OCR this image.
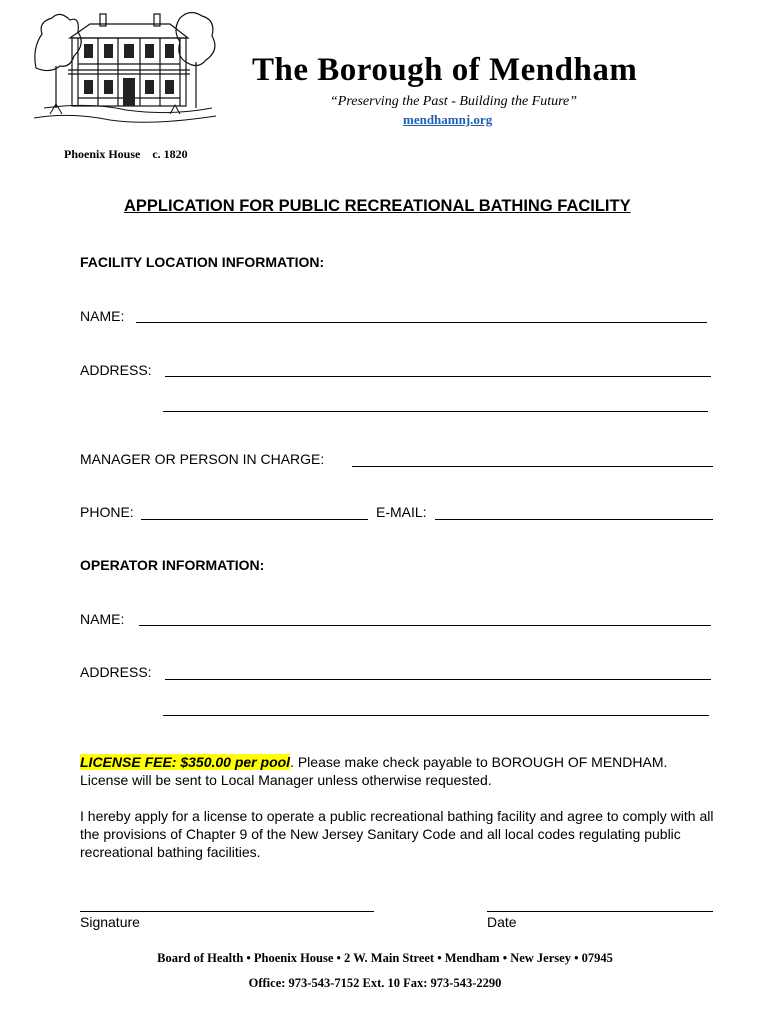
The Borough of Mendham
“Preserving the Past - Building the Future”
mendhamnj.org
Phoenix House    c. 1820
APPLICATION FOR PUBLIC RECREATIONAL BATHING FACILITY
FACILITY LOCATION INFORMATION:
NAME:
ADDRESS:
MANAGER OR PERSON IN CHARGE:
PHONE:	E-MAIL:
OPERATOR INFORMATION:
NAME:
ADDRESS:
LICENSE FEE: $350.00 per pool. Please make check payable to BOROUGH OF MENDHAM. License will be sent to Local Manager unless otherwise requested.
I hereby apply for a license to operate a public recreational bathing facility and agree to comply with all the provisions of Chapter 9 of the New Jersey Sanitary Code and all local codes regulating public recreational bathing facilities.
Signature	Date
Board of Health • Phoenix House • 2 W. Main Street • Mendham • New Jersey • 07945
Office: 973-543-7152 Ext. 10 Fax: 973-543-2290
